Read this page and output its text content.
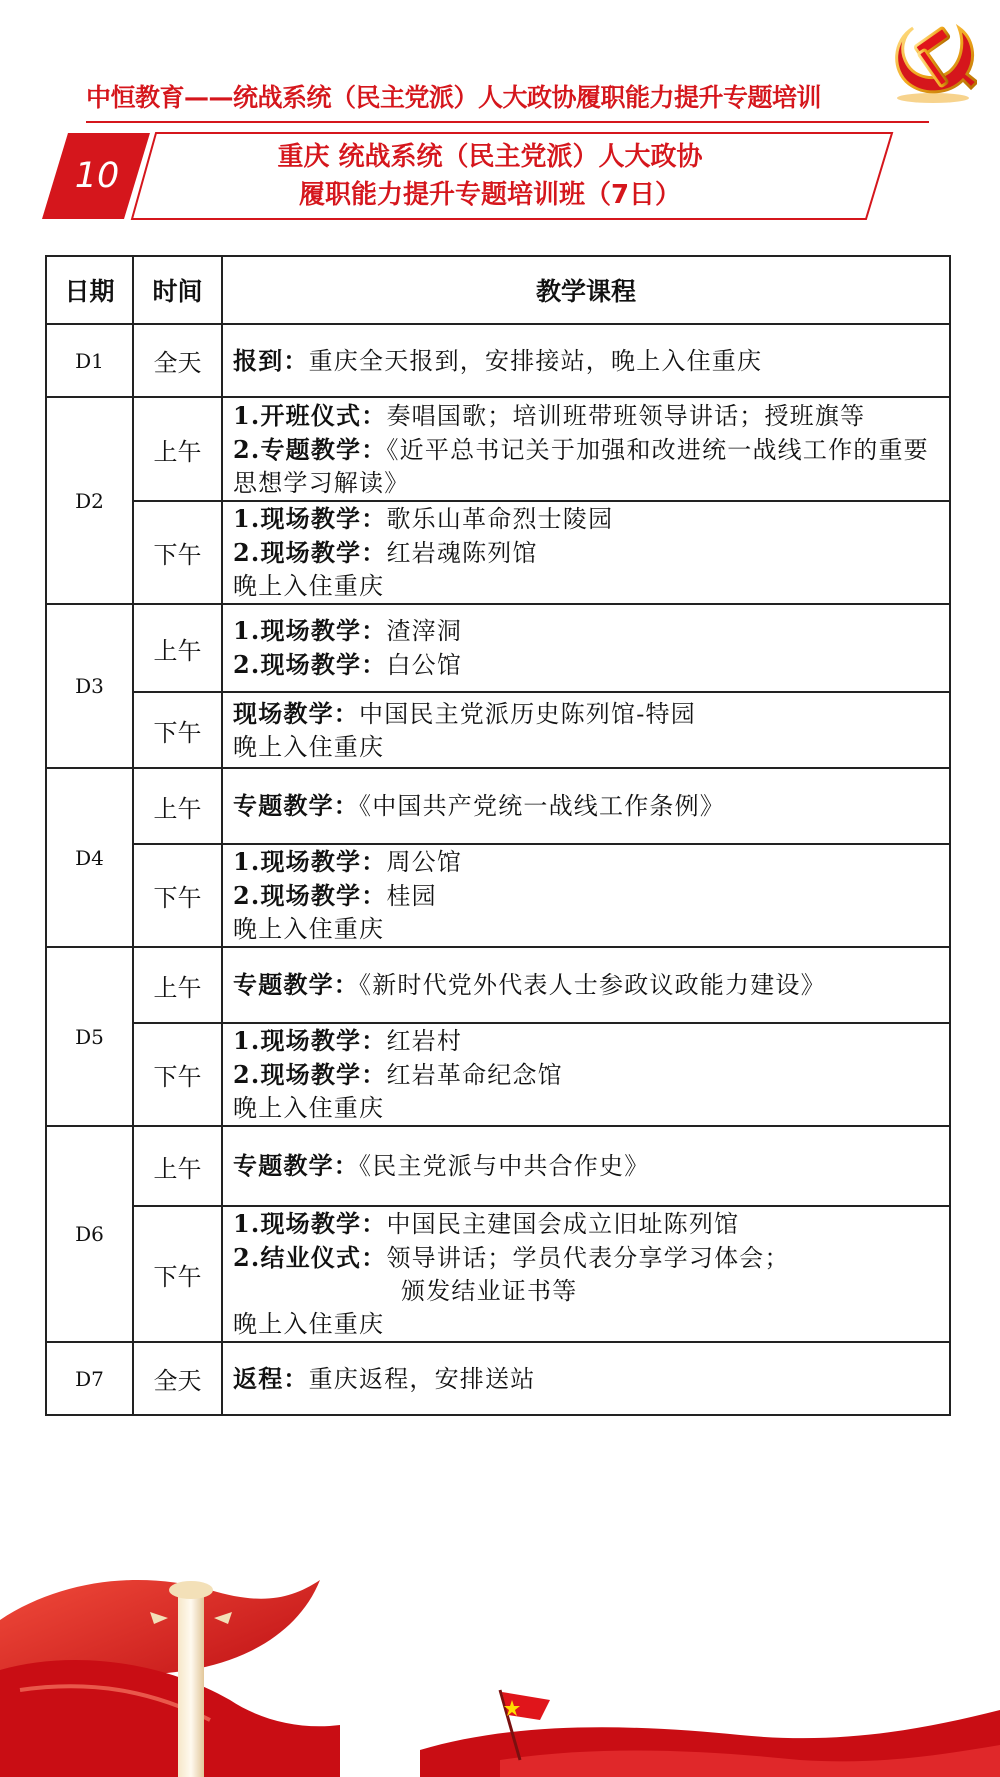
中恒教育——统战系统（民主党派）人大政协履职能力提升专题培训
10	重庆 统战系统（民主党派）人大政协
履职能力提升专题培训班（7日）
日期	时间	教学课程
D1	全天	报到：重庆全天报到，安排接站，晚上入住重庆

D2	上午	1.开班仪式：奏唱国歌；培训班带班领导讲话；授班旗等
2.专题教学：《近平总书记关于加强和改进统一战线工作的重要思想学习解读》

	下午	1.现场教学：歌乐山革命烈士陵园
2.现场教学：红岩魂陈列馆
晚上入住重庆

D3	上午	1.现场教学：渣滓洞
2.现场教学：白公馆

	下午	现场教学：中国民主党派历史陈列馆-特园
晚上入住重庆

D4	上午	专题教学：《中国共产党统一战线工作条例》

	下午	1.现场教学：周公馆
2.现场教学：桂园
晚上入住重庆

D5	上午	专题教学：《新时代党外代表人士参政议政能力建设》

	下午	1.现场教学：红岩村
2.现场教学：红岩革命纪念馆
晚上入住重庆

D6	上午	专题教学：《民主党派与中共合作史》

	下午	1.现场教学：中国民主建国会成立旧址陈列馆
2.结业仪式：领导讲话；学员代表分享学习体会；
颁发结业证书等
晚上入住重庆

D7	全天	返程：重庆返程，安排送站
